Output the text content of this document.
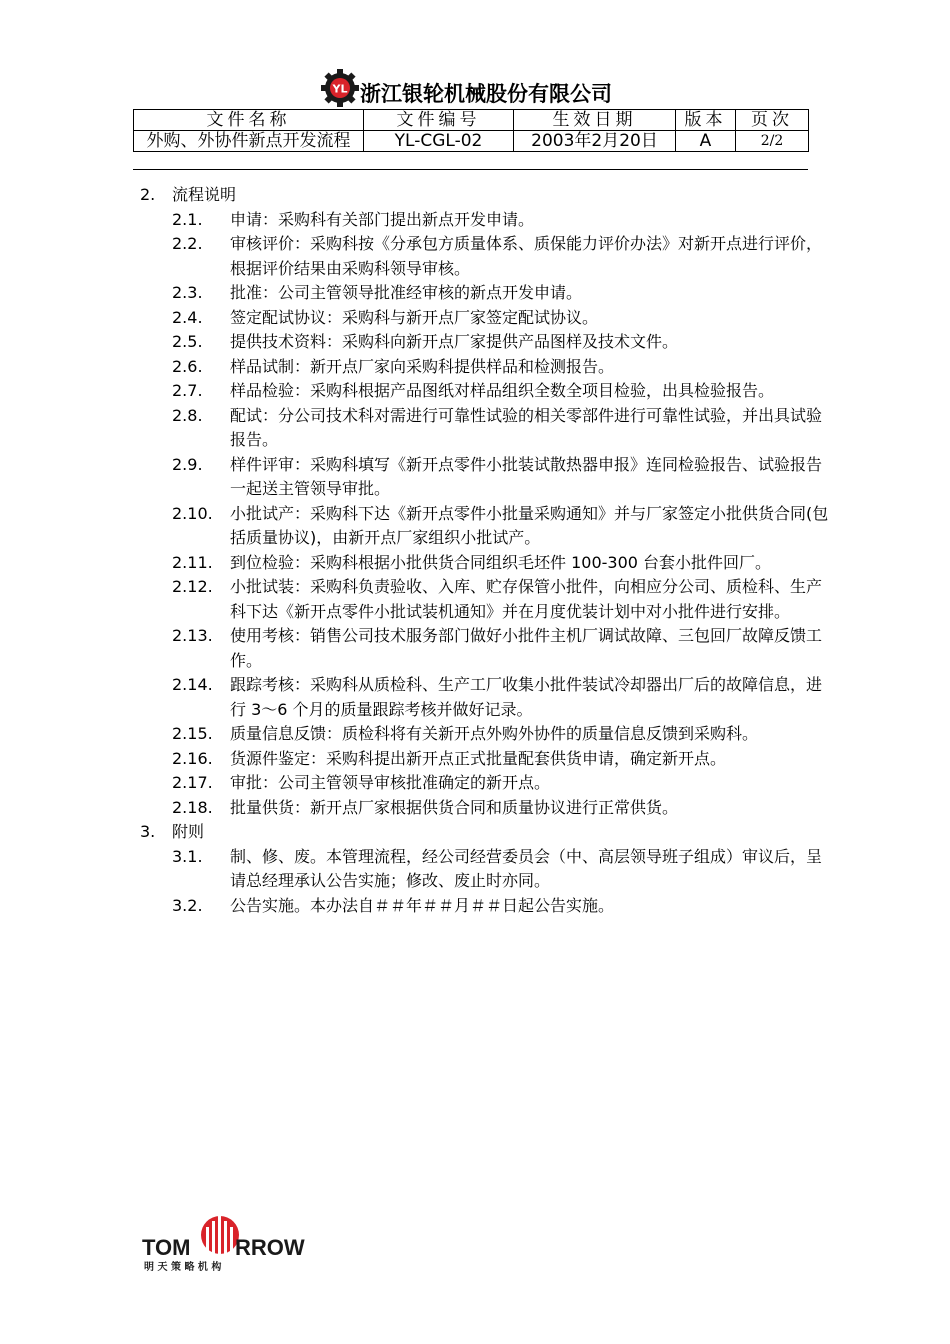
YL 浙江银轮机械股份有限公司
文件名称	文件编号	生效日期	版本	页次
外购、外协件新点开发流程	YL-CGL-02	2003年2月20日	A	2/2
2.	流程说明
2.1.	申请：采购科有关部门提出新点开发申请。
2.2.	审核评价：采购科按《分承包方质量体系、质保能力评价办法》对新开点进行评价，根据评价结果由采购科领导审核。
2.3.	批准：公司主管领导批准经审核的新点开发申请。
2.4.	签定配试协议：采购科与新开点厂家签定配试协议。
2.5.	提供技术资料：采购科向新开点厂家提供产品图样及技术文件。
2.6.	样品试制：新开点厂家向采购科提供样品和检测报告。
2.7.	样品检验：采购科根据产品图纸对样品组织全数全项目检验，出具检验报告。
2.8.	配试：分公司技术科对需进行可靠性试验的相关零部件进行可靠性试验，并出具试验报告。
2.9.	样件评审：采购科填写《新开点零件小批装试散热器申报》连同检验报告、试验报告一起送主管领导审批。
2.10.	小批试产：采购科下达《新开点零件小批量采购通知》并与厂家签定小批供货合同(包括质量协议)，由新开点厂家组织小批试产。
2.11.	到位检验：采购科根据小批供货合同组织毛坯件 100-300 台套小批件回厂。
2.12.	小批试装：采购科负责验收、入库、贮存保管小批件，向相应分公司、质检科、生产科下达《新开点零件小批试装机通知》并在月度优装计划中对小批件进行安排。
2.13.	使用考核：销售公司技术服务部门做好小批件主机厂调试故障、三包回厂故障反馈工作。
2.14.	跟踪考核：采购科从质检科、生产工厂收集小批件装试冷却器出厂后的故障信息，进行 3～6 个月的质量跟踪考核并做好记录。
2.15.	质量信息反馈：质检科将有关新开点外购外协件的质量信息反馈到采购科。
2.16.	货源件鉴定：采购科提出新开点正式批量配套供货申请，确定新开点。
2.17.	审批：公司主管领导审核批准确定的新开点。
2.18.	批量供货：新开点厂家根据供货合同和质量协议进行正常供货。
3.	附则
3.1.	制、修、废。本管理流程，经公司经营委员会（中、高层领导班子组成）审议后，呈请总经理承认公告实施；修改、废止时亦同。
3.2.	公告实施。本办法自＃＃年＃＃月＃＃日起公告实施。
TOM RROW
明 天 策 略 机 构
